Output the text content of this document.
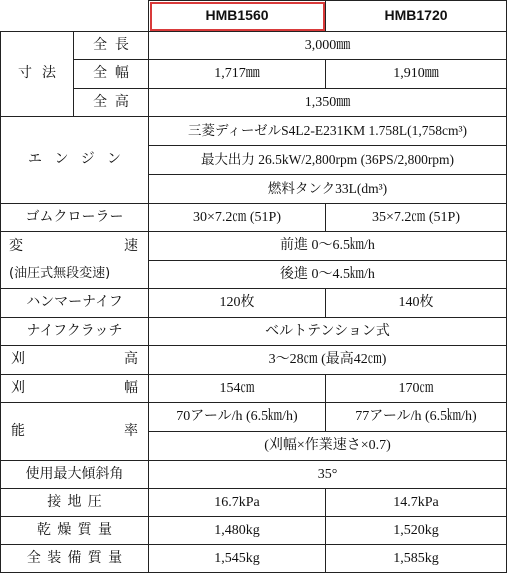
		HMB1560	HMB1720
寸 法	全長	3,000㎜	
	全幅	1,717㎜	1,910㎜
	全高	1,350㎜	
エンジン		三菱ディーゼルS4L2-E231KM 1.758L(1,758cm³)	
		最大出力 26.5kW/2,800rpm (36PS/2,800rpm)	
		燃料タンク33L(dm³)	
ゴムクローラー		30×7.2㎝ (51P)	35×7.2㎝ (51P)

変 速
(油圧式無段変速)		前進 0〜6.5㎞/h	
		後進 0〜4.5㎞/h	
ハンマーナイフ		120枚	140枚
ナイフクラッチ		ベルトテンション式	

刈 高		3〜28㎝ (最高42㎝)	

刈 幅		154㎝	170㎝

能 率		70アール/h (6.5㎞/h)	77アール/h (6.5㎞/h)
		(刈幅×作業速さ×0.7)	
使用最大傾斜角		35°	
接地圧		16.7kPa	14.7kPa
乾燥質量		1,480kg	1,520kg
全装備質量		1,545kg	1,585kg
